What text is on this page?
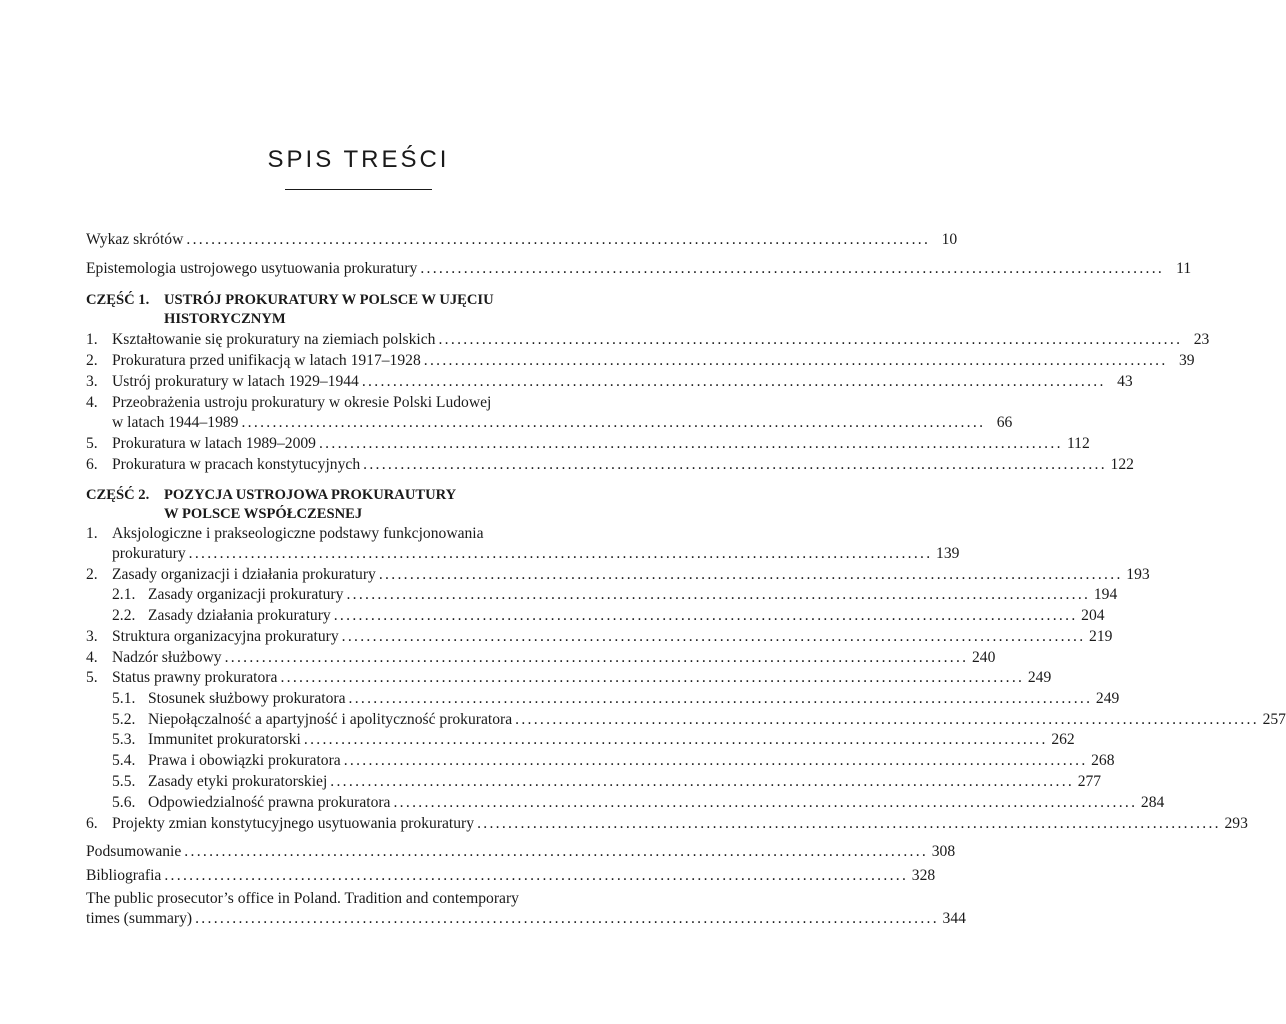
SPIS TREŚCI
Wykaz skrótów ........................................................................................................................ 10
Epistemologia ustrojowego usytuowania prokuratury ........................................................................................................................ 11
CZĘŚĆ 1.	USTRÓJ PROKURATURY W POLSCE W UJĘCIU
HISTORYCZNYM
1. Kształtowanie się prokuratury na ziemiach polskich ........................................................................................................................ 23
2. Prokuratura przed unifikacją w latach 1917–1928 ........................................................................................................................ 39
3. Ustrój prokuratury w latach 1929–1944 ........................................................................................................................ 43
4. Przeobrażenia ustroju prokuratury w okresie Polski Ludowej
w latach 1944–1989 ........................................................................................................................ 66
5. Prokuratura w latach 1989–2009 ........................................................................................................................ 112
6. Prokuratura w pracach konstytucyjnych ........................................................................................................................ 122
CZĘŚĆ 2.	POZYCJA USTROJOWA PROKURAUTURY
W POLSCE WSPÓŁCZESNEJ
1. Aksjologiczne i prakseologiczne podstawy funkcjonowania
prokuratury ........................................................................................................................ 139
2. Zasady organizacji i działania prokuratury ........................................................................................................................ 193
2.1. Zasady organizacji prokuratury ........................................................................................................................ 194
2.2. Zasady działania prokuratury ........................................................................................................................ 204
3. Struktura organizacyjna prokuratury ........................................................................................................................ 219
4. Nadzór służbowy ........................................................................................................................ 240
5. Status prawny prokuratora ........................................................................................................................ 249
5.1. Stosunek służbowy prokuratora ........................................................................................................................ 249
5.2. Niepołączalność a apartyjność i apolityczność prokuratora ........................................................................................................................ 257
5.3. Immunitet prokuratorski ........................................................................................................................ 262
5.4. Prawa i obowiązki prokuratora ........................................................................................................................ 268
5.5. Zasady etyki prokuratorskiej ........................................................................................................................ 277
5.6. Odpowiedzialność prawna prokuratora ........................................................................................................................ 284
6. Projekty zmian konstytucyjnego usytuowania prokuratury ........................................................................................................................ 293
Podsumowanie ........................................................................................................................ 308
Bibliografia ........................................................................................................................ 328
The public prosecutor’s office in Poland. Tradition and contemporary
times (summary) ........................................................................................................................ 344
